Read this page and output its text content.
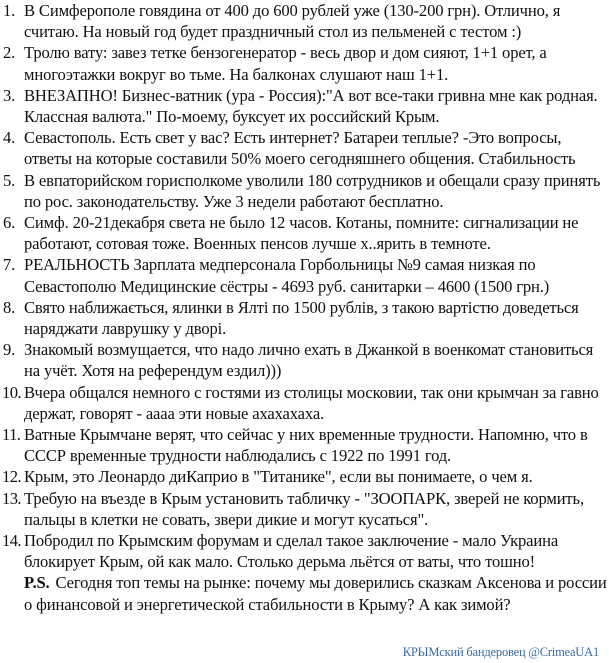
1. В Симферополе говядина от 400 до 600 рублей уже (130-200 грн). Отлично, я считаю. На новый год будет праздничный стол из пельменей с тестом :)
2. Тролю вату: завез тетке бензогенератор - весь двор и дом сияют, 1+1 орет, а многоэтажки вокруг во тьме. На балконах слушают наш 1+1.
3. ВНЕЗАПНО! Бизнес-ватник (ура - Россия):"А вот все-таки гривна мне как родная. Классная валюта." По-моему, буксует их российский Крым.
4. Севастополь. Есть свет у вас? Есть интернет? Батареи теплые? -Это вопросы, ответы на которые составили 50% моего сегодняшнего общения. Стабильность
5. В евпаторийском горисполкоме уволили 180 сотрудников и обещали сразу принять по рос. законодательству. Уже 3 недели работают бесплатно.
6. Симф. 20-21декабря света не было 12 часов. Котаны, помните: сигнализации не работают, сотовая тоже. Военных пенсов лучше х..ярить в темноте.
7. РЕАЛЬНОСТЬ Зарплата медперсонала Горбольницы №9 самая низкая по Севастополю Медицинские сёстры - 4693 руб. санитарки – 4600 (1500 грн.)
8. Свято наближається, ялинки в Ялті по 1500 рублів, з такою вартістю доведеться наряджати лаврушку у дворі.
9. Знакомый возмущается, что надо лично ехать в Джанкой в военкомат становиться на учёт. Хотя на референдум ездил)))
10. Вчера общался немного с гостями из столицы московии, так они крымчан за гавно держат, говорят - аааа эти новые ахахахаха.
11. Ватные Крымчане верят, что сейчас у них временные трудности. Напомню, что в СССР временные трудности наблюдались с 1922 по 1991 год.
12. Крым, это Леонардо диКаприо в "Титанике", если вы понимаете, о чем я.
13. Требую на въезде в Крым установить табличку - "ЗООПАРК, зверей не кормить, пальцы в клетки не совать, звери дикие и могут кусаться".
14. Побродил по Крымским форумам и сделал такое заключение - мало Украина блокирует Крым, ой как мало. Столько дерьма льётся от ваты, что тошно!
P.S. Сегодня топ темы на рынке: почему мы доверились сказкам Аксенова и россии о финансовой и энергетической стабильности в Крыму? А как зимой?
КРЫМский бандеровец @CrimeaUA1
